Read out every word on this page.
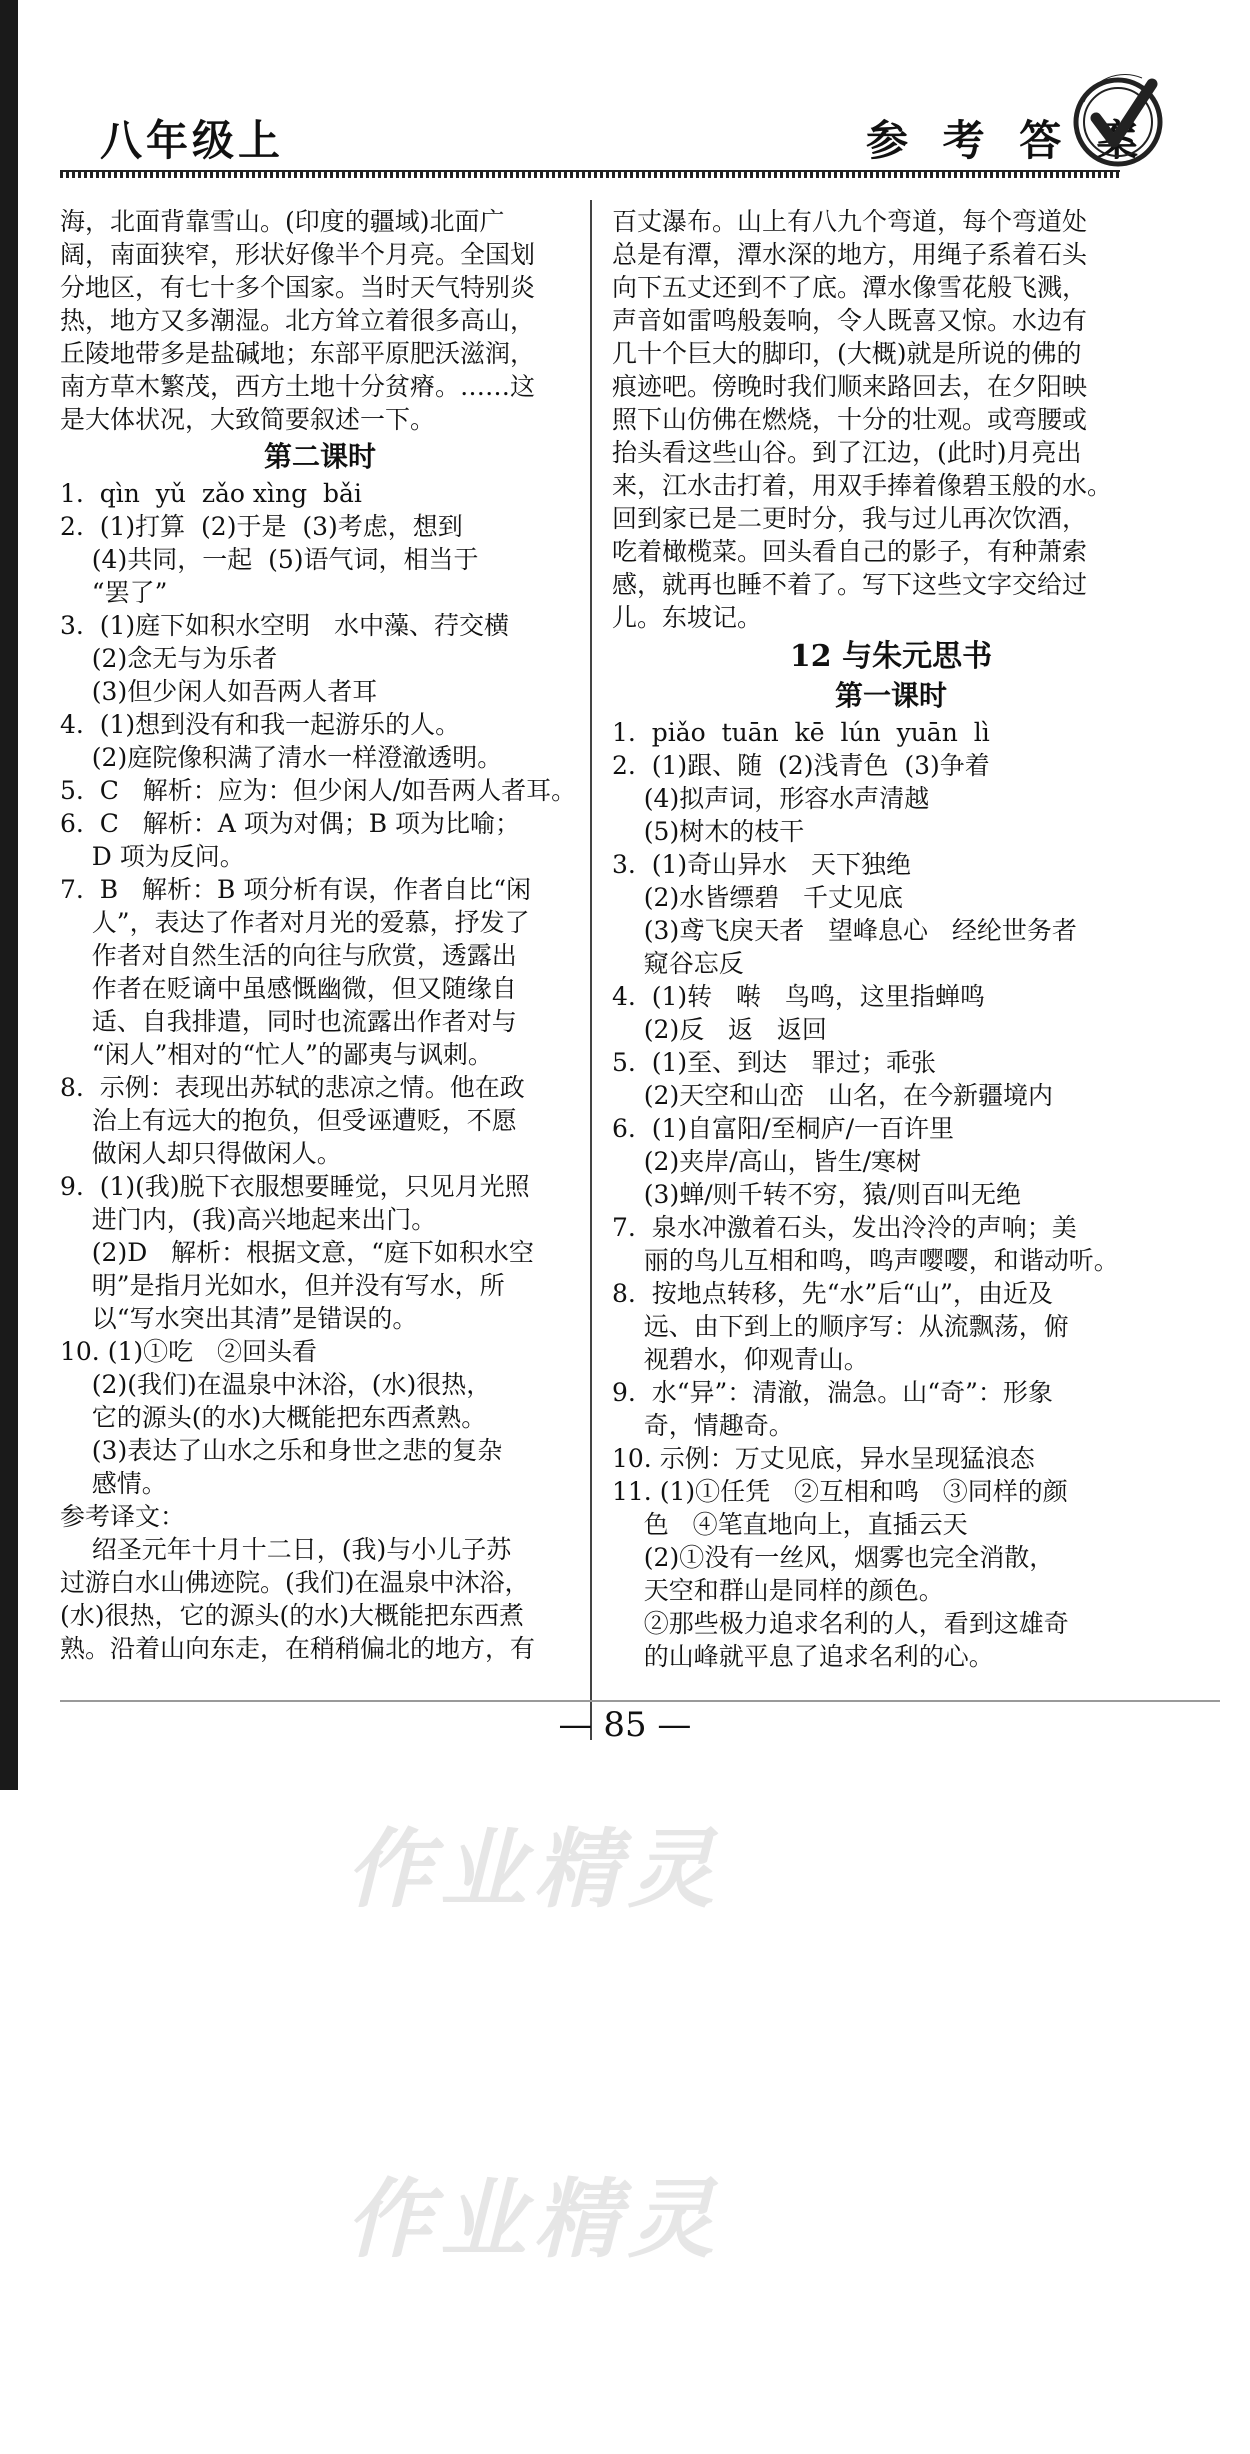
八年级上	参 考 答 案
海，北面背靠雪山。(印度的疆域)北面广
阔，南面狭窄，形状好像半个月亮。全国划
分地区，有七十多个国家。当时天气特别炎
热，地方又多潮湿。北方耸立着很多高山，
丘陵地带多是盐碱地；东部平原肥沃滋润，
南方草木繁茂，西方土地十分贫瘠。……这
是大体状况，大致简要叙述一下。
第二课时
1.  qìn  yǔ  zǎo xìng  bǎi
2.  (1)打算  (2)于是  (3)考虑，想到
(4)共同，一起  (5)语气词，相当于
“罢了”
3.  (1)庭下如积水空明   水中藻、荇交横
(2)念无与为乐者
(3)但少闲人如吾两人者耳
4.  (1)想到没有和我一起游乐的人。
(2)庭院像积满了清水一样澄澈透明。
5.  C   解析：应为：但少闲人/如吾两人者耳。
6.  C   解析：A 项为对偶；B 项为比喻；
D 项为反问。
7.  B   解析：B 项分析有误，作者自比“闲
人”，表达了作者对月光的爱慕，抒发了
作者对自然生活的向往与欣赏，透露出
作者在贬谪中虽感慨幽微，但又随缘自
适、自我排遣，同时也流露出作者对与
“闲人”相对的“忙人”的鄙夷与讽刺。
8.  示例：表现出苏轼的悲凉之情。他在政
治上有远大的抱负，但受诬遭贬，不愿
做闲人却只得做闲人。
9.  (1)(我)脱下衣服想要睡觉，只见月光照
进门内，(我)高兴地起来出门。
(2)D   解析：根据文意，“庭下如积水空
明”是指月光如水，但并没有写水，所
以“写水突出其清”是错误的。
10. (1)①吃   ②回头看
(2)(我们)在温泉中沐浴，(水)很热，
它的源头(的水)大概能把东西煮熟。
(3)表达了山水之乐和身世之悲的复杂
感情。
参考译文：
绍圣元年十月十二日，(我)与小儿子苏
过游白水山佛迹院。(我们)在温泉中沐浴，
(水)很热，它的源头(的水)大概能把东西煮
熟。沿着山向东走，在稍稍偏北的地方，有
百丈瀑布。山上有八九个弯道，每个弯道处
总是有潭，潭水深的地方，用绳子系着石头
向下五丈还到不了底。潭水像雪花般飞溅，
声音如雷鸣般轰响，令人既喜又惊。水边有
几十个巨大的脚印，(大概)就是所说的佛的
痕迹吧。傍晚时我们顺来路回去，在夕阳映
照下山仿佛在燃烧，十分的壮观。或弯腰或
抬头看这些山谷。到了江边，(此时)月亮出
来，江水击打着，用双手捧着像碧玉般的水。
回到家已是二更时分，我与过儿再次饮酒，
吃着橄榄菜。回头看自己的影子，有种萧索
感，就再也睡不着了。写下这些文字交给过
儿。东坡记。
12 与朱元思书
第一课时
1.  piǎo  tuān  kē  lún  yuān  lì
2.  (1)跟、随  (2)浅青色  (3)争着
(4)拟声词，形容水声清越
(5)树木的枝干
3.  (1)奇山异水   天下独绝
(2)水皆缥碧   千丈见底
(3)鸢飞戾天者   望峰息心   经纶世务者
窥谷忘反
4.  (1)转   啭   鸟鸣，这里指蝉鸣
(2)反   返   返回
5.  (1)至、到达   罪过；乖张
(2)天空和山峦   山名，在今新疆境内
6.  (1)自富阳/至桐庐/一百许里
(2)夹岸/高山，皆生/寒树
(3)蝉/则千转不穷，猿/则百叫无绝
7.  泉水冲激着石头，发出泠泠的声响；美
丽的鸟儿互相和鸣，鸣声嘤嘤，和谐动听。
8.  按地点转移，先“水”后“山”，由近及
远、由下到上的顺序写：从流飘荡，俯
视碧水，仰观青山。
9.  水“异”：清澈，湍急。山“奇”：形象
奇，情趣奇。
10. 示例：万丈见底，异水呈现猛浪态
11. (1)①任凭   ②互相和鸣   ③同样的颜
色   ④笔直地向上，直插云天
(2)①没有一丝风，烟雾也完全消散，
天空和群山是同样的颜色。
②那些极力追求名利的人，看到这雄奇
的山峰就平息了追求名利的心。
— 85 —
作业精灵
作业精灵
